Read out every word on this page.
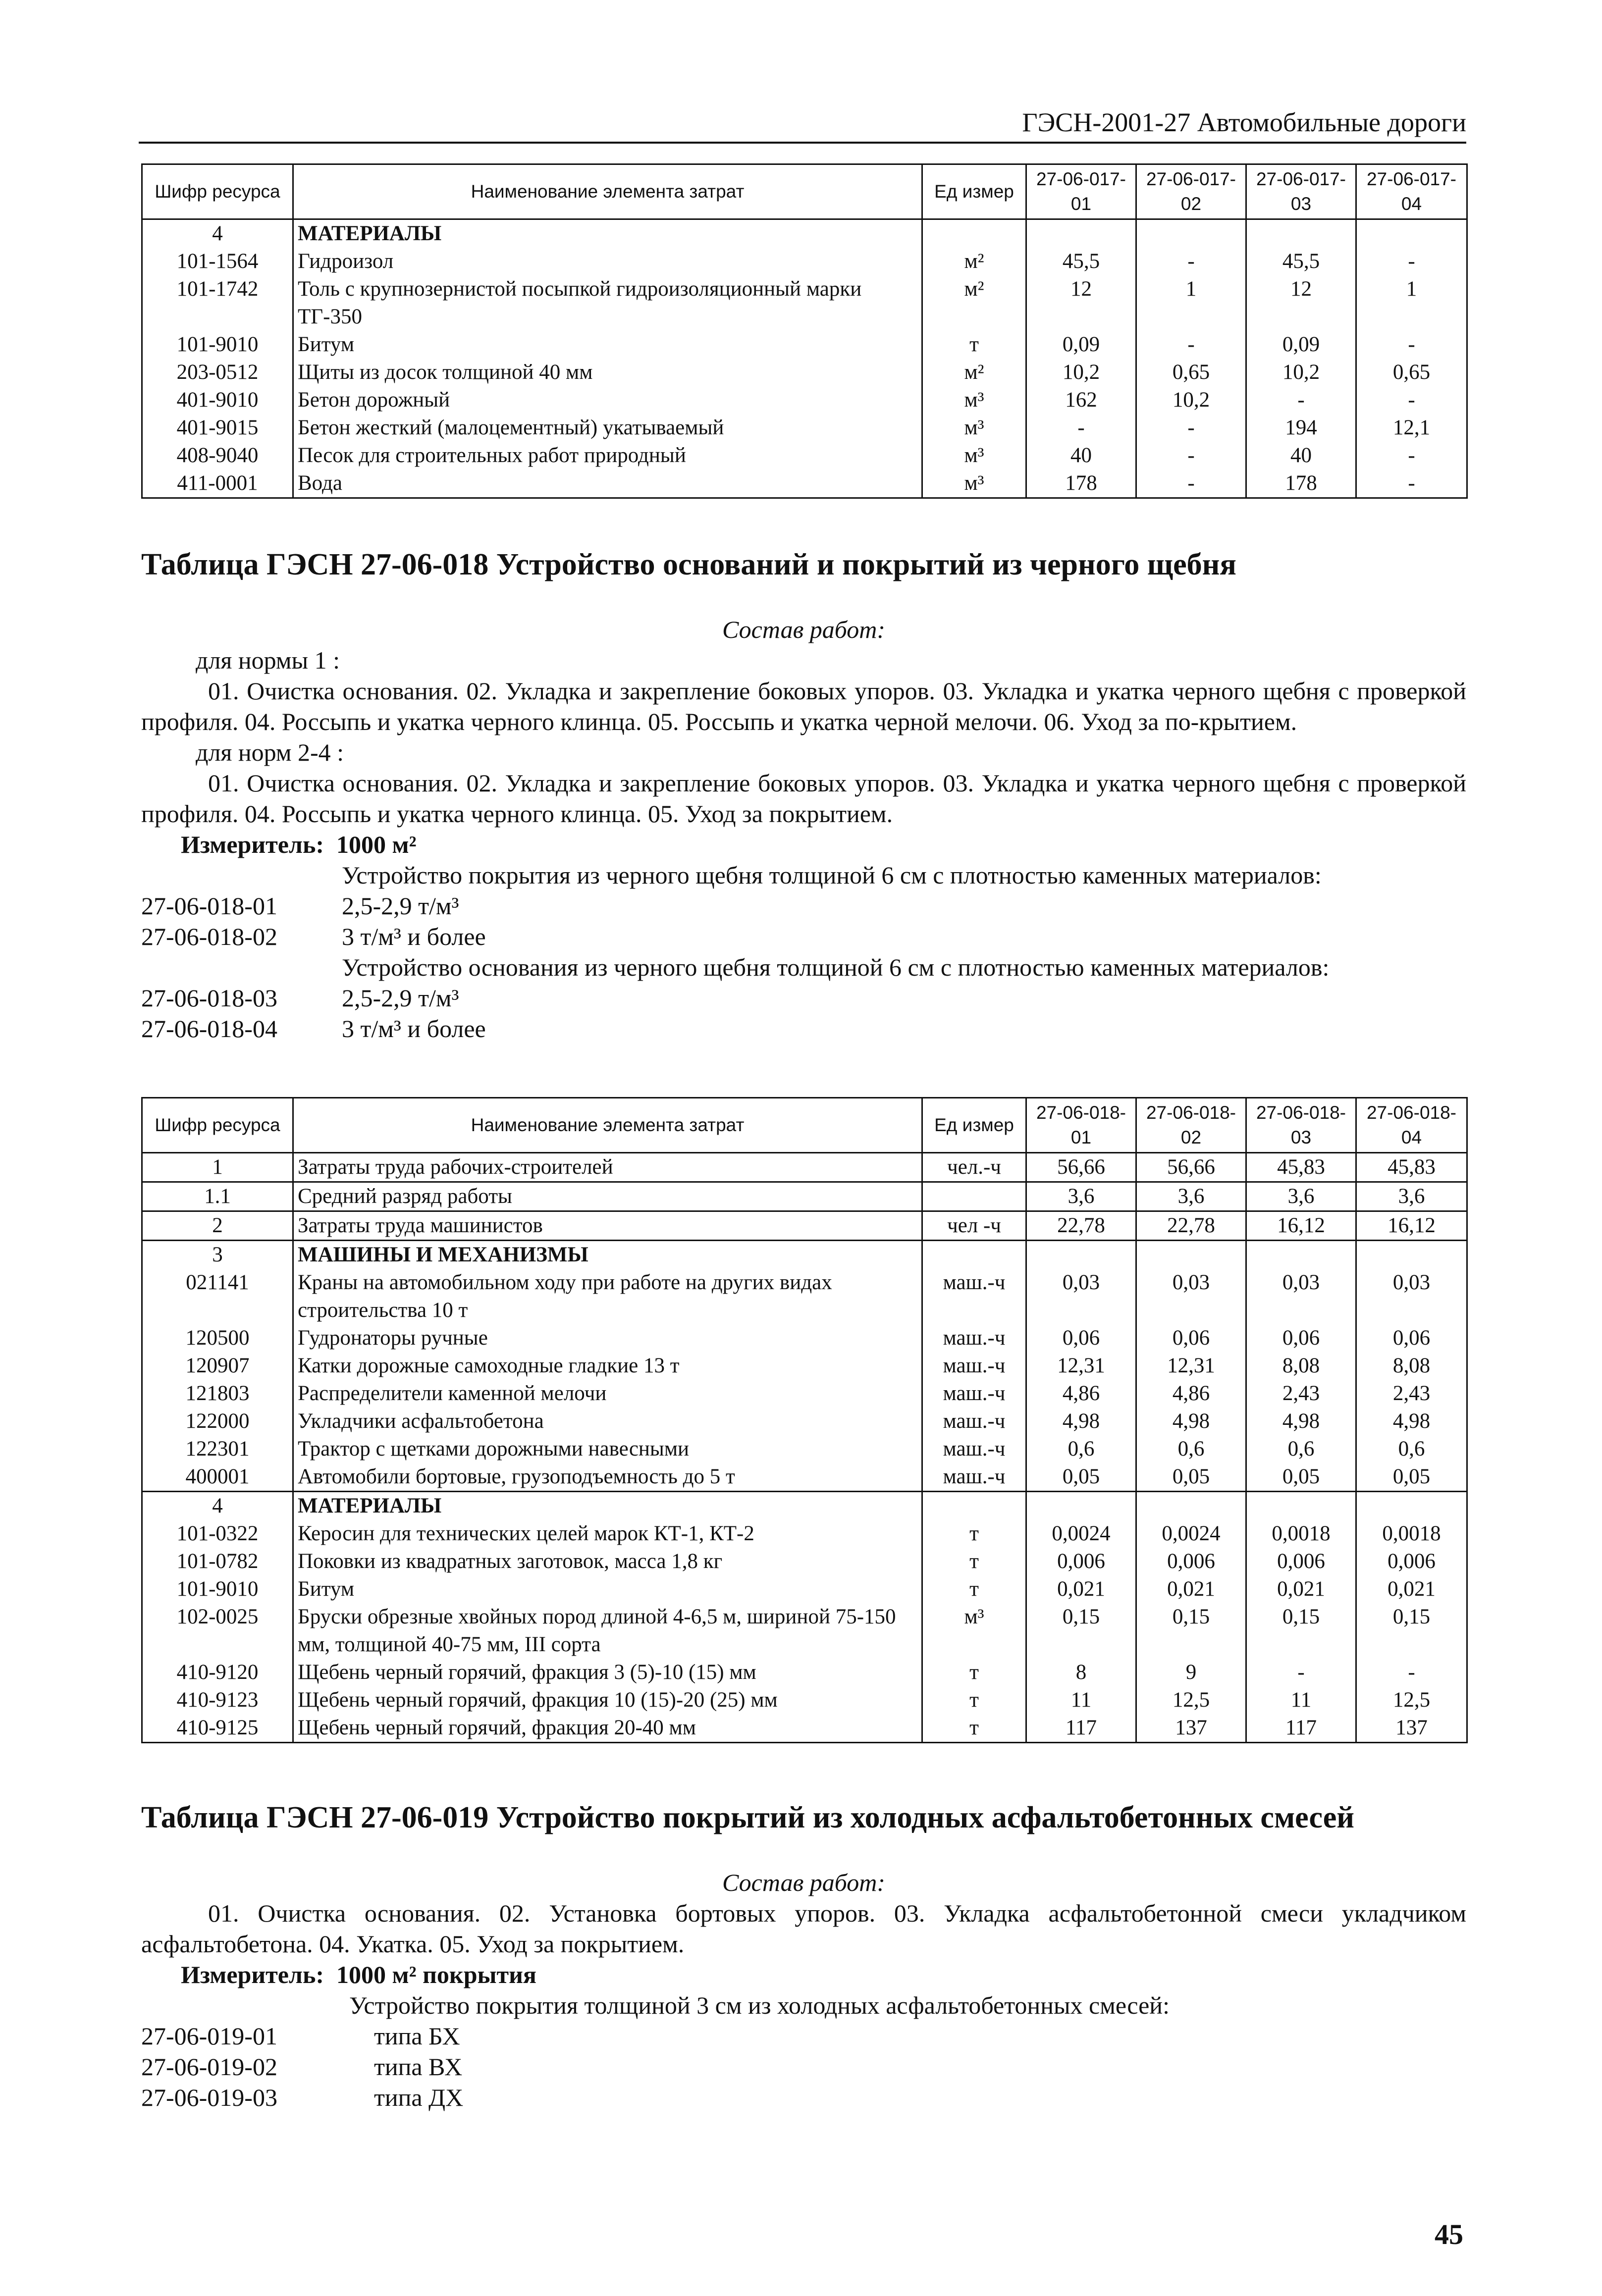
ГЭСН-2001-27 Автомобильные дороги
Шифр ресурса	Наименование элемента затрат	Ед измер	27-06-017-01	27-06-017-02	27-06-017-03	27-06-017-04
4	МАТЕРИАЛЫ					
101-1564	Гидроизол	м²	45,5	-	45,5	-
101-1742	Толь с крупнозернистой посыпкой гидроизоляционный марки ТГ-350	м²	12	1	12	1
101-9010	Битум	т	0,09	-	0,09	-
203-0512	Щиты из досок толщиной 40 мм	м²	10,2	0,65	10,2	0,65
401-9010	Бетон дорожный	м³	162	10,2	-	-
401-9015	Бетон жесткий (малоцементный) укатываемый	м³	-	-	194	12,1
408-9040	Песок для строительных работ природный	м³	40	-	40	-
411-0001	Вода	м³	178	-	178	-
Таблица ГЭСН 27-06-018 Устройство оснований и покрытий из черного щебня

Состав работ:

для нормы 1 :

01. Очистка основания. 02. Укладка и закрепление боковых упоров. 03. Укладка и укатка черного щебня с проверкой профиля. 04. Россыпь и укатка черного клинца. 05. Россыпь и укатка черной мелочи. 06. Уход за по-крытием.

для норм 2-4 :

01. Очистка основания. 02. Укладка и закрепление боковых упоров. 03. Укладка и укатка черного щебня с проверкой профиля. 04. Россыпь и укатка черного клинца. 05. Уход за покрытием.

Измеритель: 1000 м²

Устройство покрытия из черного щебня толщиной 6 см с плотностью каменных материалов:

27-06-018-01	2,5-2,9 т/м³
27-06-018-02	3 т/м³ и более

Устройство основания из черного щебня толщиной 6 см с плотностью каменных материалов:

27-06-018-03	2,5-2,9 т/м³
27-06-018-04	3 т/м³ и более
Шифр ресурса	Наименование элемента затрат	Ед измер	27-06-018-01	27-06-018-02	27-06-018-03	27-06-018-04
1	Затраты труда рабочих-строителей	чел.-ч	56,66	56,66	45,83	45,83
1.1	Средний разряд работы		3,6	3,6	3,6	3,6
2	Затраты труда машинистов	чел -ч	22,78	22,78	16,12	16,12
3	МАШИНЫ И МЕХАНИЗМЫ					
021141	Краны на автомобильном ходу при работе на других видах строительства 10 т	маш.-ч	0,03	0,03	0,03	0,03
120500	Гудронаторы ручные	маш.-ч	0,06	0,06	0,06	0,06
120907	Катки дорожные самоходные гладкие 13 т	маш.-ч	12,31	12,31	8,08	8,08
121803	Распределители каменной мелочи	маш.-ч	4,86	4,86	2,43	2,43
122000	Укладчики асфальтобетона	маш.-ч	4,98	4,98	4,98	4,98
122301	Трактор с щетками дорожными навесными	маш.-ч	0,6	0,6	0,6	0,6
400001	Автомобили бортовые, грузоподъемность до 5 т	маш.-ч	0,05	0,05	0,05	0,05
4	МАТЕРИАЛЫ					
101-0322	Керосин для технических целей марок КТ-1, КТ-2	т	0,0024	0,0024	0,0018	0,0018
101-0782	Поковки из квадратных заготовок, масса 1,8 кг	т	0,006	0,006	0,006	0,006
101-9010	Битум	т	0,021	0,021	0,021	0,021
102-0025	Бруски обрезные хвойных пород длиной 4-6,5 м, шириной 75-150 мм, толщиной 40-75 мм, III сорта	м³	0,15	0,15	0,15	0,15
410-9120	Щебень черный горячий, фракция 3 (5)-10 (15) мм	т	8	9	-	-
410-9123	Щебень черный горячий, фракция 10 (15)-20 (25) мм	т	11	12,5	11	12,5
410-9125	Щебень черный горячий, фракция 20-40 мм	т	117	137	117	137
Таблица ГЭСН 27-06-019 Устройство покрытий из холодных асфальтобетонных смесей

Состав работ:

01. Очистка основания. 02. Установка бортовых упоров. 03. Укладка асфальтобетонной смеси укладчиком асфальтобетона. 04. Укатка. 05. Уход за покрытием.

Измеритель: 1000 м² покрытия

Устройство покрытия толщиной 3 см из холодных асфальтобетонных смесей:

27-06-019-01	типа БХ
27-06-019-02	типа ВХ
27-06-019-03	типа ДХ
45
